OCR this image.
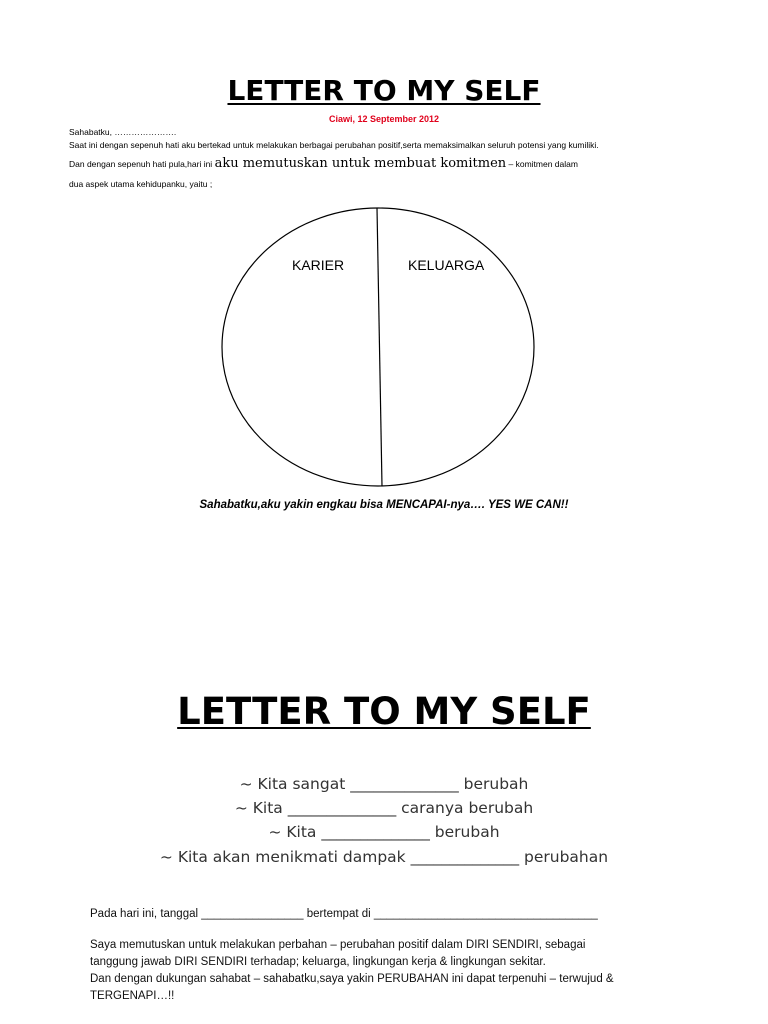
LETTER TO MY SELF
Ciawi, 12 September 2012
Sahabatku, ………………….
Saat ini dengan sepenuh hati aku bertekad untuk melakukan berbagai perubahan positif,serta memaksimalkan seluruh potensi yang kumiliki.
Dan dengan sepenuh hati pula,hari ini aku memutuskan untuk membuat komitmen – komitmen dalam
dua aspek utama kehidupanku, yaitu ;
KARIER	KELUARGA
Sahabatku,aku yakin engkau bisa MENCAPAI-nya…. YES WE CAN!!
LETTER TO MY SELF
~ Kita sangat ______________ berubah
~ Kita ______________ caranya berubah
~ Kita ______________ berubah
~ Kita akan menikmati dampak ______________ perubahan
Pada hari ini, tanggal ________________ bertempat di ___________________________________
Saya memutuskan untuk melakukan perbahan – perubahan positif dalam DIRI SENDIRI, sebagai
tanggung jawab DIRI SENDIRI terhadap; keluarga, lingkungan kerja & lingkungan sekitar.
Dan dengan dukungan sahabat – sahabatku,saya yakin PERUBAHAN ini dapat terpenuhi – terwujud &
TERGENAPI…!!
